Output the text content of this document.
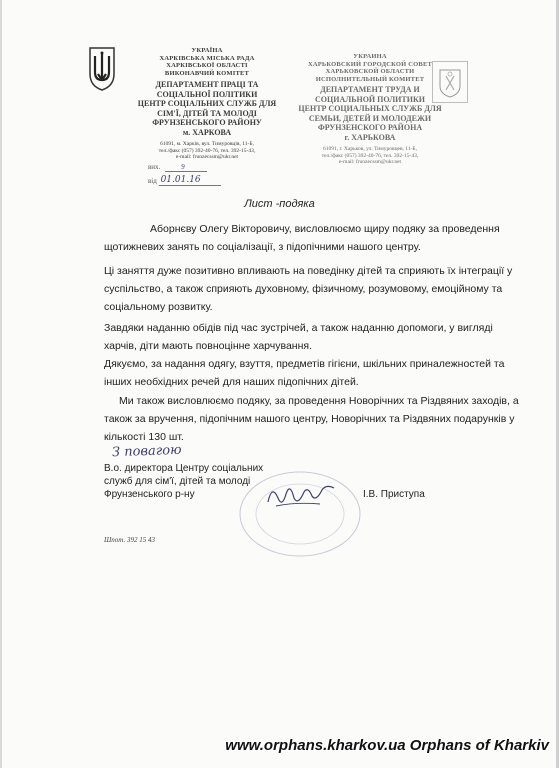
УКРАЇНА
ХАРКІВСЬКА МІСЬКА РАДА
ХАРКІВСЬКОЇ ОБЛАСТІ
ВИКОНАВЧИЙ КОМІТЕТ
ДЕПАРТАМЕНТ ПРАЦІ ТА
СОЦІАЛЬНОЇ ПОЛІТИКИ
ЦЕНТР СОЦІАЛЬНИХ СЛУЖБ ДЛЯ
СІМ'Ї, ДІТЕЙ ТА МОЛОДІ
ФРУНЗЕНСЬКОГО РАЙОНУ
м. ХАРКОВА
61091, м. Харків, вул. Тимуровців, 11-Б,
тел./факс (057) 392-40-76, тел. 392-15-43,
e-mail: frunzecssm@ukr.net
УКРАИНА
ХАРЬКОВСКИЙ ГОРОДСКОЙ СОВЕТ
ХАРЬКОВСКОЙ ОБЛАСТИ
ИСПОЛНИТЕЛЬНЫЙ КОМИТЕТ
ДЕПАРТАМЕНТ ТРУДА И
СОЦИАЛЬНОЙ ПОЛИТИКИ
ЦЕНТР СОЦИАЛЬНЫХ СЛУЖБ ДЛЯ
СЕМЬИ, ДЕТЕЙ И МОЛОДЕЖИ
ФРУНЗЕНСКОГО РАЙОНА
г. ХАРЬКОВА
61091, г. Харьков, ул. Тимуровцев, 11-Б,
тел./факс (057) 392-40-76, тел. 392-15-43,
e-mail: frunzecssm@ukr.net
вих.	9
від 01.01.16
Лист -подяка
Аборнєву Олегу Вікторовичу, висловлюємо щиру подяку за проведення щотижневих занять по соціалізації, з підопічними нашого центру.
Ці заняття дуже позитивно впливають на поведінку дітей та сприяють їх інтеграції у суспільство, а також сприяють духовному, фізичному, розумовому, емоційному та соціальному розвитку.
Завдяки наданню обідів під час зустрічей, а також наданню допомоги, у вигляді харчів, діти мають повноцінне харчування.
Дякуємо, за надання одягу, взуття, предметів гігієни, шкільних приналежностей та інших необхідних речей для наших підопічних дітей.
Ми також висловлюємо подяку, за проведення Новорічних та Різдвяних заходів, а також за вручення, підопічним нашого центру, Новорічних та Різдвяних подарунків у кількості 130 шт.
З повагою
В.о. директора Центру соціальних
служб для сім'ї, дітей та молоді
Фрунзенського р-ну	І.В. Приступа
Шпот. 392 15 43
www.orphans.kharkov.ua Orphans of Kharkiv
